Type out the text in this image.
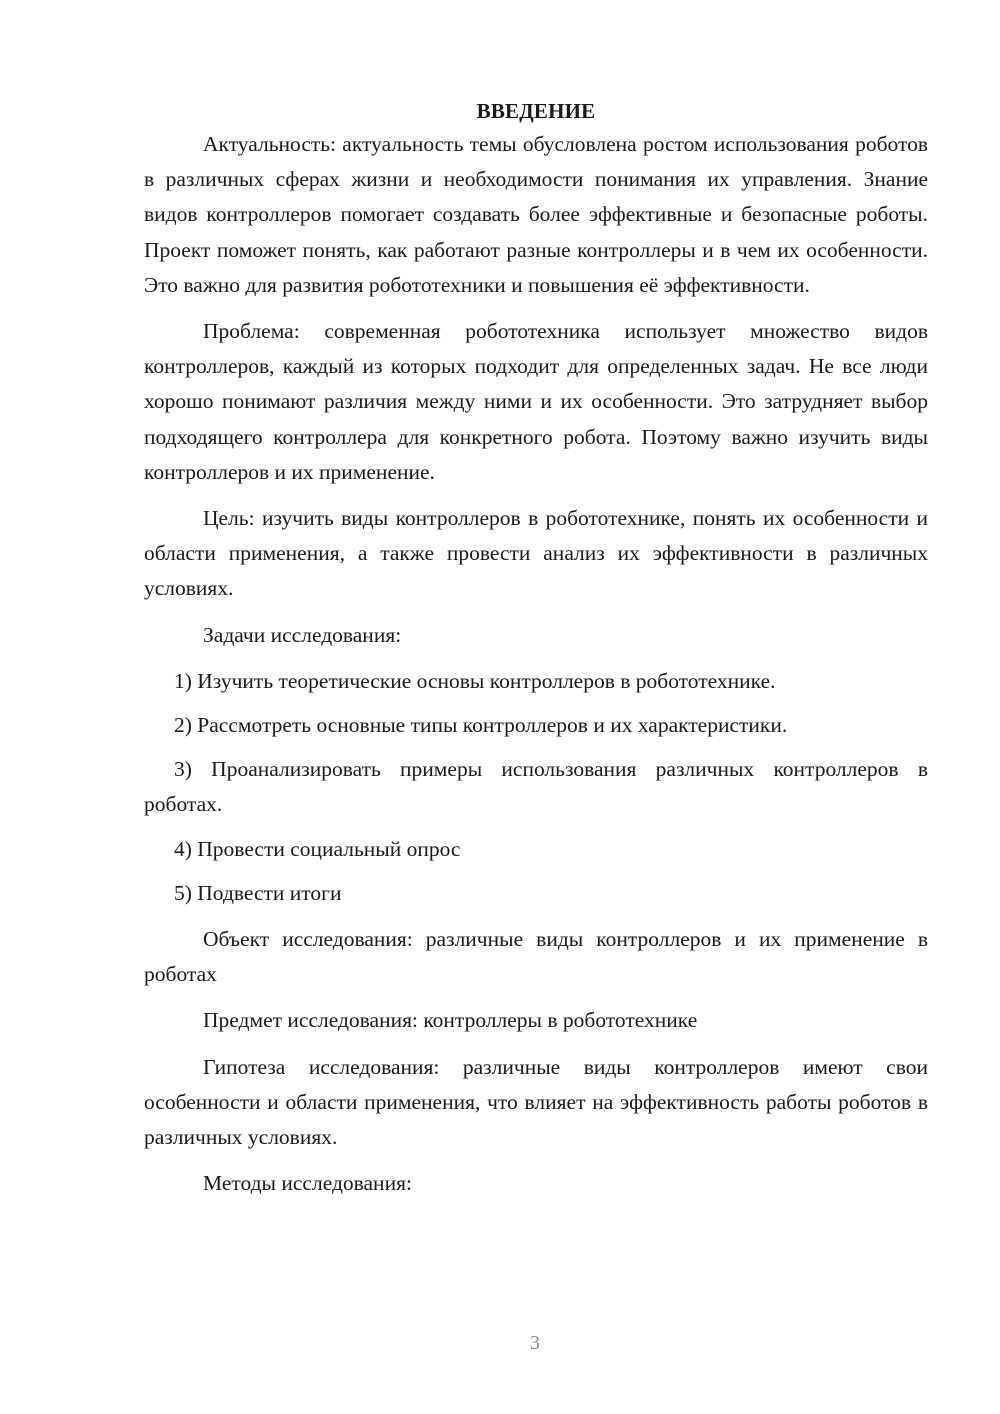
ВВЕДЕНИЕ

Актуальность: актуальность темы обусловлена ростом использования роботов в различных сферах жизни и необходимости понимания их управления. Знание видов контроллеров помогает создавать более эффективные и безопасные роботы. Проект поможет понять, как работают разные контроллеры и в чем их особенности. Это важно для развития робототехники и повышения её эффективности.

Проблема: современная робототехника использует множество видов контроллеров, каждый из которых подходит для определенных задач. Не все люди хорошо понимают различия между ними и их особенности. Это затрудняет выбор подходящего контроллера для конкретного робота. Поэтому важно изучить виды контроллеров и их применение.

Цель: изучить виды контроллеров в робототехнике, понять их особенности и области применения, а также провести анализ их эффективности в различных условиях.

Задачи исследования:

1) Изучить теоретические основы контроллеров в робототехнике.

2) Рассмотреть основные типы контроллеров и их характеристики.

3) Проанализировать примеры использования различных контроллеров в роботах.

4) Провести социальный опрос

5) Подвести итоги

Объект исследования: различные виды контроллеров и их применение в роботах

Предмет исследования: контроллеры в робототехнике

Гипотеза исследования: различные виды контроллеров имеют свои особенности и области применения, что влияет на эффективность работы роботов в различных условиях.

Методы исследования:

3
